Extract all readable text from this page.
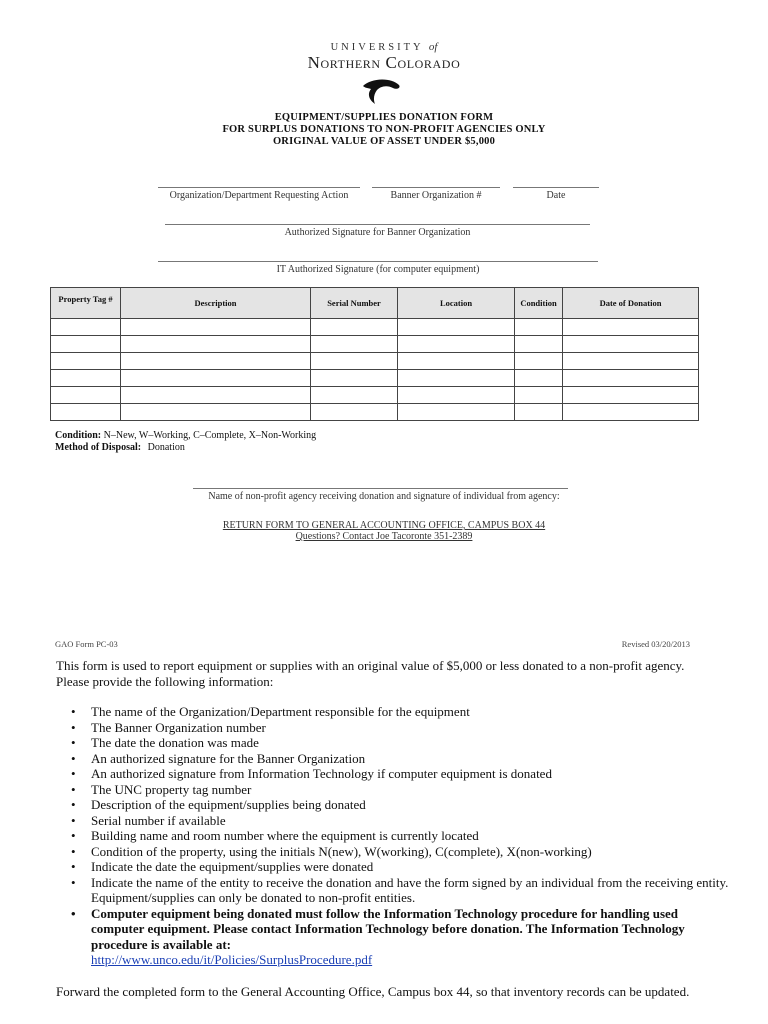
UNIVERSITY of
Northern Colorado
EQUIPMENT/SUPPLIES DONATION FORM
FOR SURPLUS DONATIONS TO NON-PROFIT AGENCIES ONLY
ORIGINAL VALUE OF ASSET UNDER $5,000
Organization/Department Requesting Action	Banner Organization #	Date
Authorized Signature for Banner Organization
IT Authorized Signature (for computer equipment)
Property Tag #	Description	Serial Number	Location	Condition	Date of Donation

Condition: N–New, W–Working, C–Complete, X–Non-Working
Method of Disposal: Donation
Name of non-profit agency receiving donation and signature of individual from agency:
RETURN FORM TO GENERAL ACCOUNTING OFFICE, CAMPUS BOX 44
Questions? Contact Joe Tacoronte 351-2389
GAO Form PC-03	Revised 03/20/2013
This form is used to report equipment or supplies with an original value of $5,000 or less donated to a non-profit agency. Please provide the following information:
• The name of the Organization/Department responsible for the equipment
• The Banner Organization number
• The date the donation was made
• An authorized signature for the Banner Organization
• An authorized signature from Information Technology if computer equipment is donated
• The UNC property tag number
• Description of the equipment/supplies being donated
• Serial number if available
• Building name and room number where the equipment is currently located
• Condition of the property, using the initials N(new), W(working), C(complete), X(non-working)
• Indicate the date the equipment/supplies were donated
• Indicate the name of the entity to receive the donation and have the form signed by an individual from the receiving entity. Equipment/supplies can only be donated to non-profit entities.
• Computer equipment being donated must follow the Information Technology procedure for handling used computer equipment. Please contact Information Technology before donation. The Information Technology procedure is available at:
http://www.unco.edu/it/Policies/SurplusProcedure.pdf
Forward the completed form to the General Accounting Office, Campus box 44, so that inventory records can be updated.
